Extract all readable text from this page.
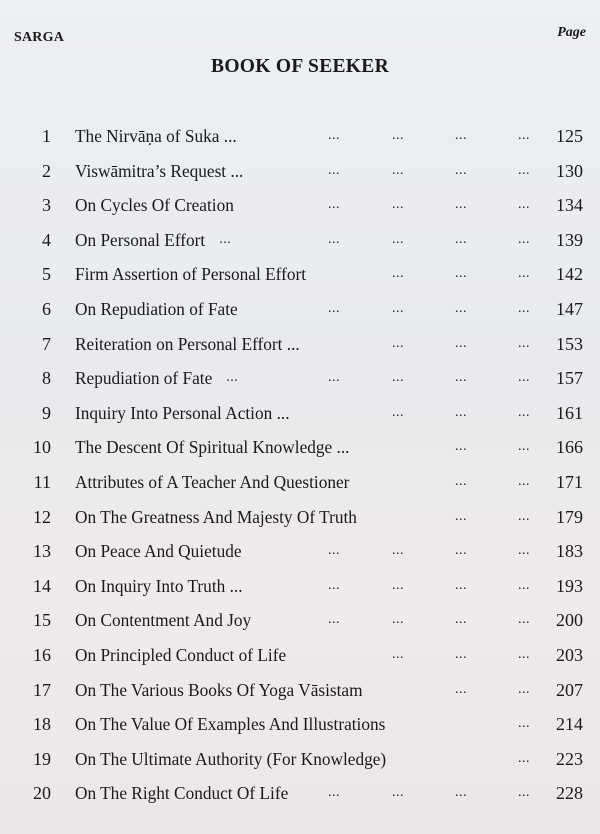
SARGA	Page
BOOK OF SEEKER
1 The Nirvāṇa of Suka ...	...	...	...	... 125
2 Viswāmitra’s Request ...	...	...	...	... 130
3 On Cycles Of Creation	...	...	...	... 134
4 On Personal Effort ...	...	...	...	... 139
5 Firm Assertion of Personal Effort	...	...	... 142
6 On Repudiation of Fate	...	...	...	... 147
7 Reiteration on Personal Effort ...	...	...	... 153
8 Repudiation of Fate ...	...	...	...	... 157
9 Inquiry Into Personal Action ...	...	...	... 161
10 The Descent Of Spiritual Knowledge ...	...	... 166
11 Attributes of A Teacher And Questioner	...	... 171
12 On The Greatness And Majesty Of Truth	...	... 179
13 On Peace And Quietude	...	...	...	... 183
14 On Inquiry Into Truth ...	...	...	...	... 193
15 On Contentment And Joy	...	...	...	... 200
16 On Principled Conduct of Life	...	...	... 203
17 On The Various Books Of Yoga Vāsistam	...	... 207
18 On The Value Of Examples And Illustrations	... 214
19 On The Ultimate Authority (For Knowledge)	... 223
20 On The Right Conduct Of Life	...	...	...	... 228
